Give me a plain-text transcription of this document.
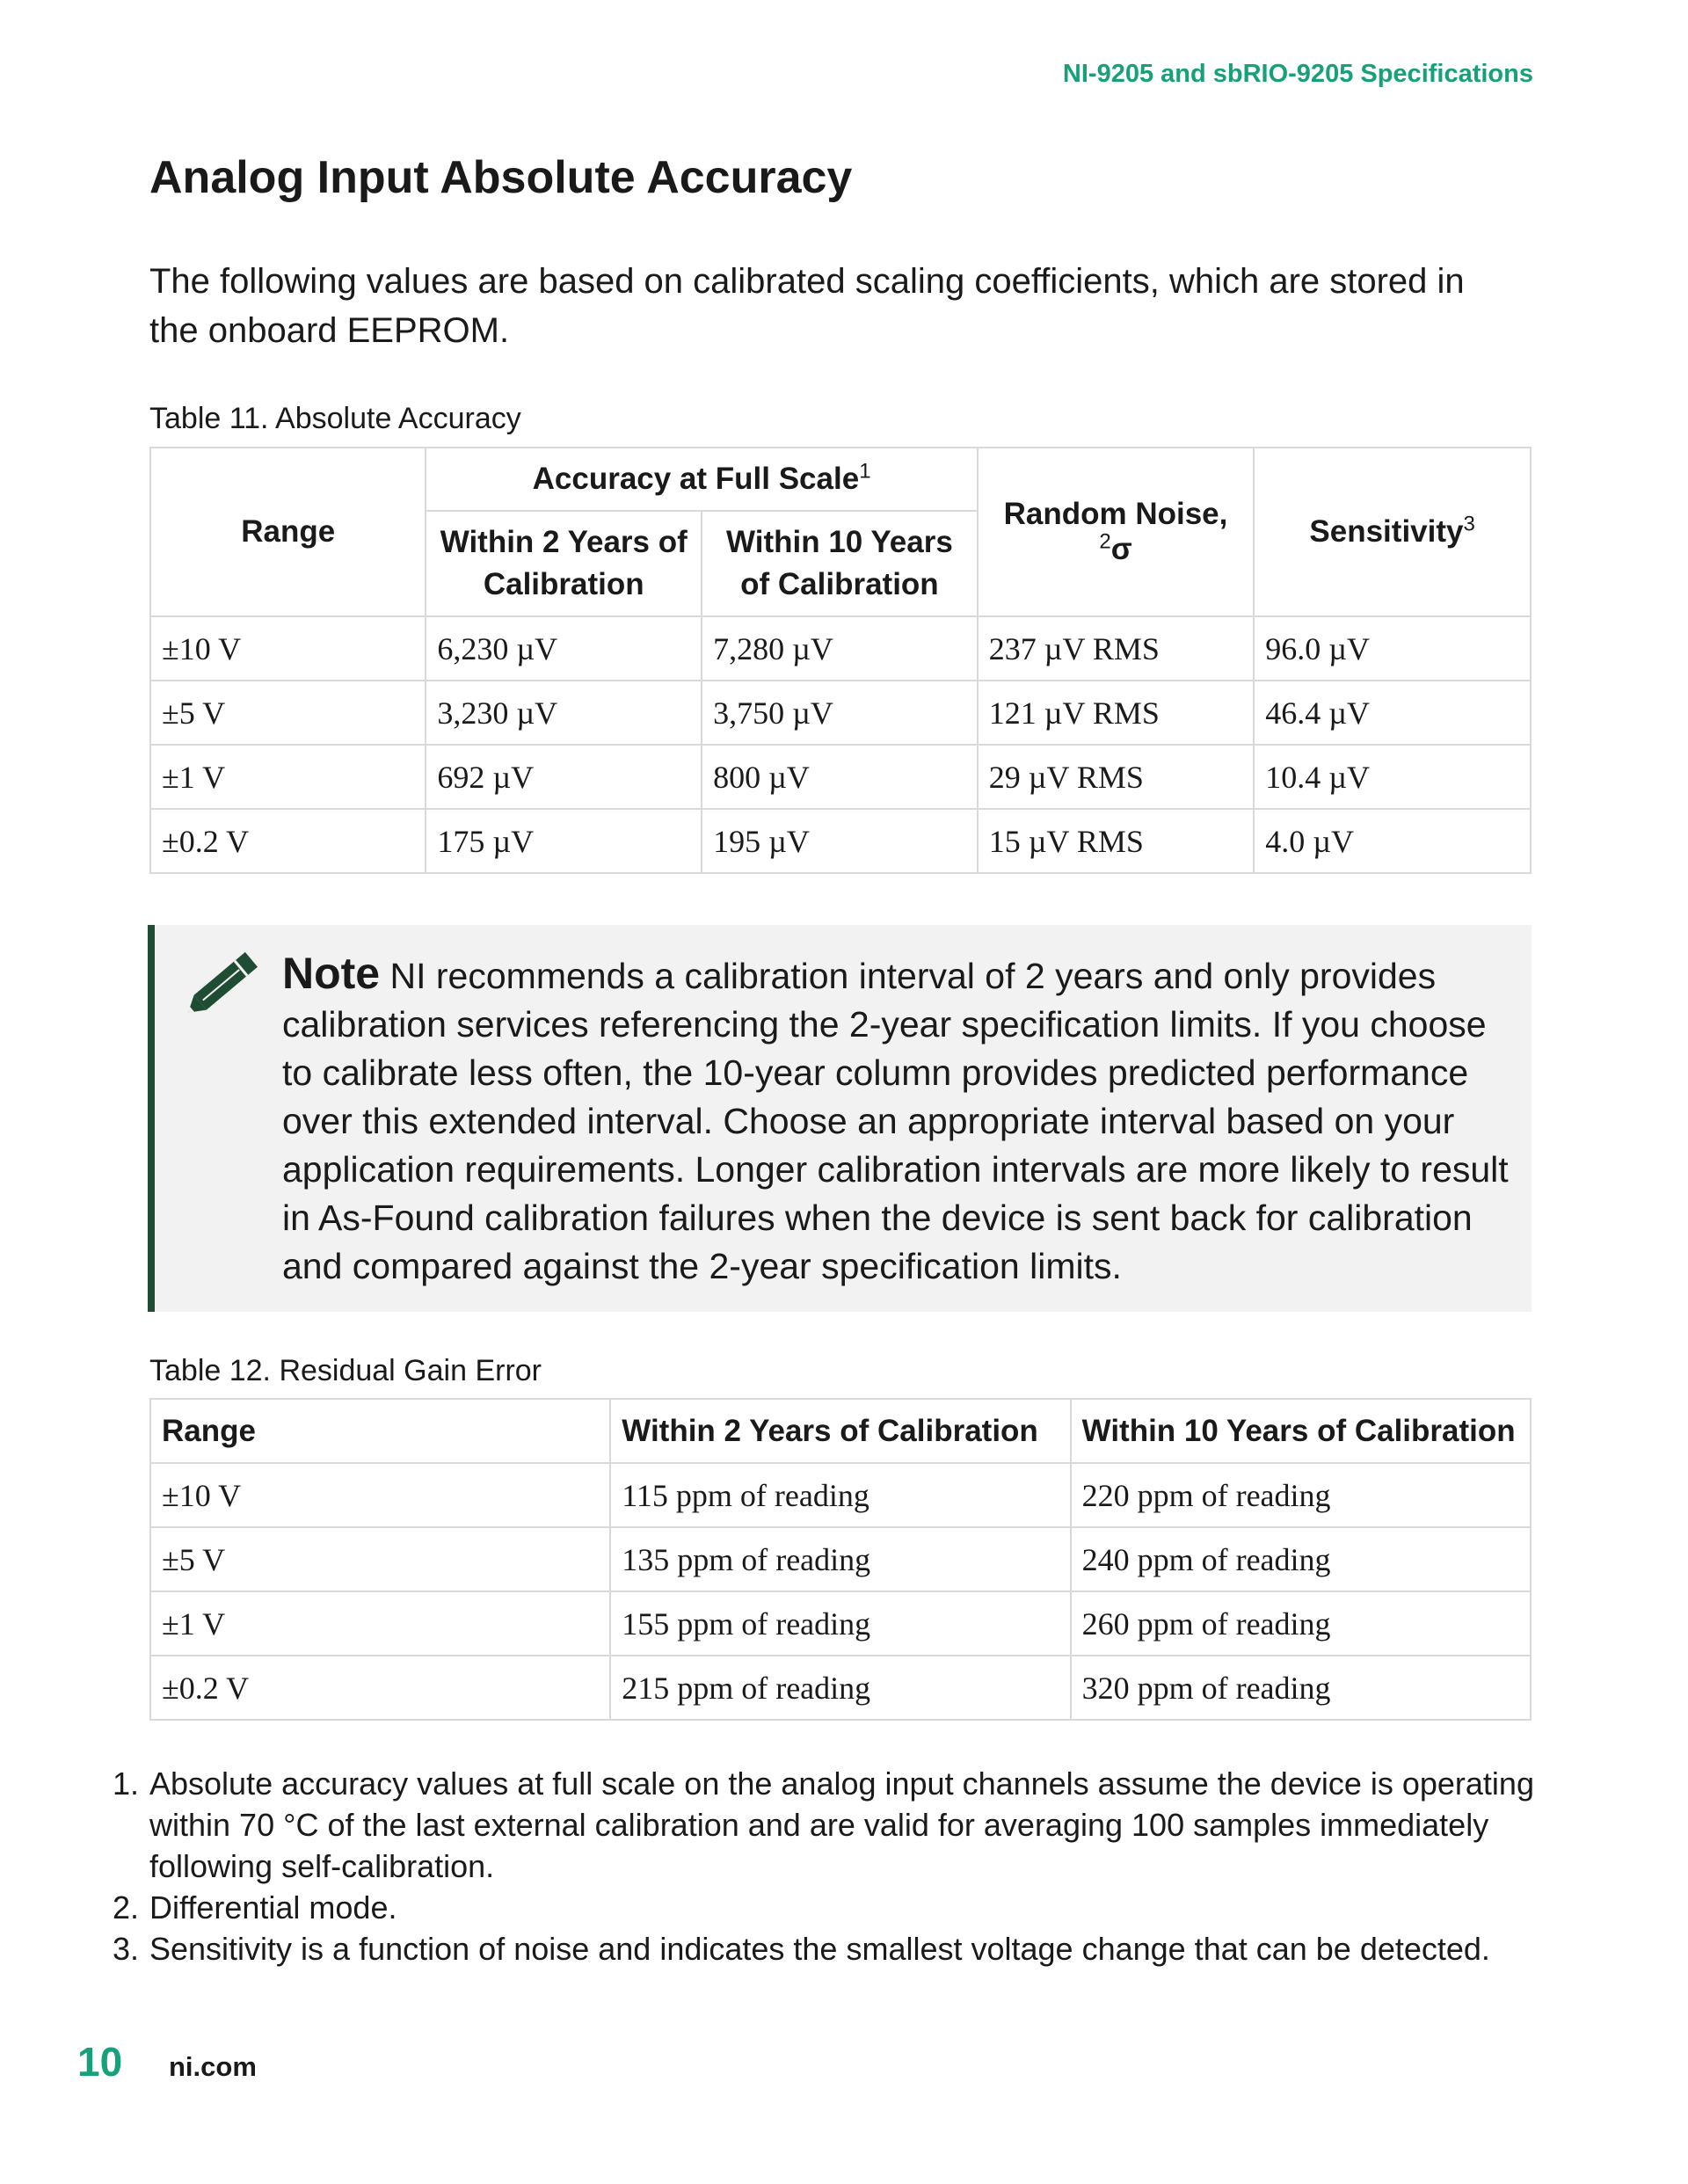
NI-9205 and sbRIO-9205 Specifications
Analog Input Absolute Accuracy

The following values are based on calibrated scaling coefficients, which are stored in the onboard EEPROM.

Table 11. Absolute Accuracy

Range	Accuracy at Full Scale$^1$		Random Noise, $^2$σ	Sensitivity$^3$
	Within 2 Years of Calibration	Within 10 Years of Calibration		
±10 V	6,230 µV	7,280 µV	237 µV RMS	96.0 µV
±5 V	3,230 µV	3,750 µV	121 µV RMS	46.4 µV
±1 V	692 µV	800 µV	29 µV RMS	10.4 µV
±0.2 V	175 µV	195 µV	15 µV RMS	4.0 µV

Note NI recommends a calibration interval of 2 years and only provides calibration services referencing the 2-year specification limits. If you choose to calibrate less often, the 10-year column provides predicted performance over this extended interval. Choose an appropriate interval based on your application requirements. Longer calibration intervals are more likely to result in As-Found calibration failures when the device is sent back for calibration and compared against the 2-year specification limits.

Table 12. Residual Gain Error

Range	Within 2 Years of Calibration	Within 10 Years of Calibration
±10 V	115 ppm of reading	220 ppm of reading
±5 V	135 ppm of reading	240 ppm of reading
±1 V	155 ppm of reading	260 ppm of reading
±0.2 V	215 ppm of reading	320 ppm of reading
1. Absolute accuracy values at full scale on the analog input channels assume the device is operating within 70 °C of the last external calibration and are valid for averaging 100 samples immediately following self-calibration.
2. Differential mode.
3. Sensitivity is a function of noise and indicates the smallest voltage change that can be detected.
10 ni.com
